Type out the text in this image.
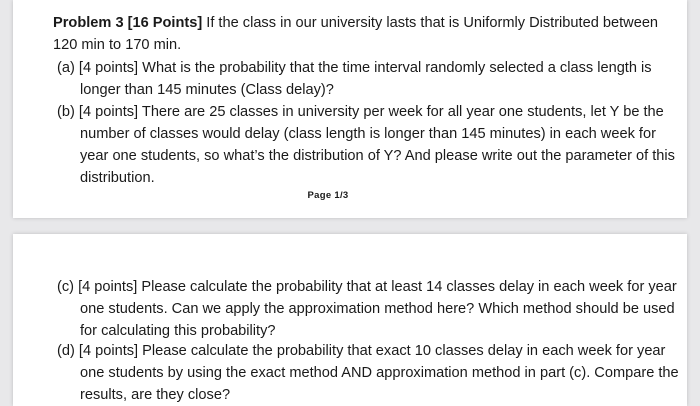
Problem 3 [16 Points] If the class in our university lasts that is Uniformly Distributed between 120 min to 170 min.

(a) [4 points] What is the probability that the time interval randomly selected a class length is longer than 145 minutes (Class delay)?

(b) [4 points] There are 25 classes in university per week for all year one students, let Y be the number of classes would delay (class length is longer than 145 minutes) in each week for year one students, so what’s the distribution of Y? And please write out the parameter of this distribution.

Page 1/3

(c) [4 points] Please calculate the probability that at least 14 classes delay in each week for year one students. Can we apply the approximation method here? Which method should be used for calculating this probability?

(d) [4 points] Please calculate the probability that exact 10 classes delay in each week for year one students by using the exact method AND approximation method in part (c). Compare the results, are they close?
